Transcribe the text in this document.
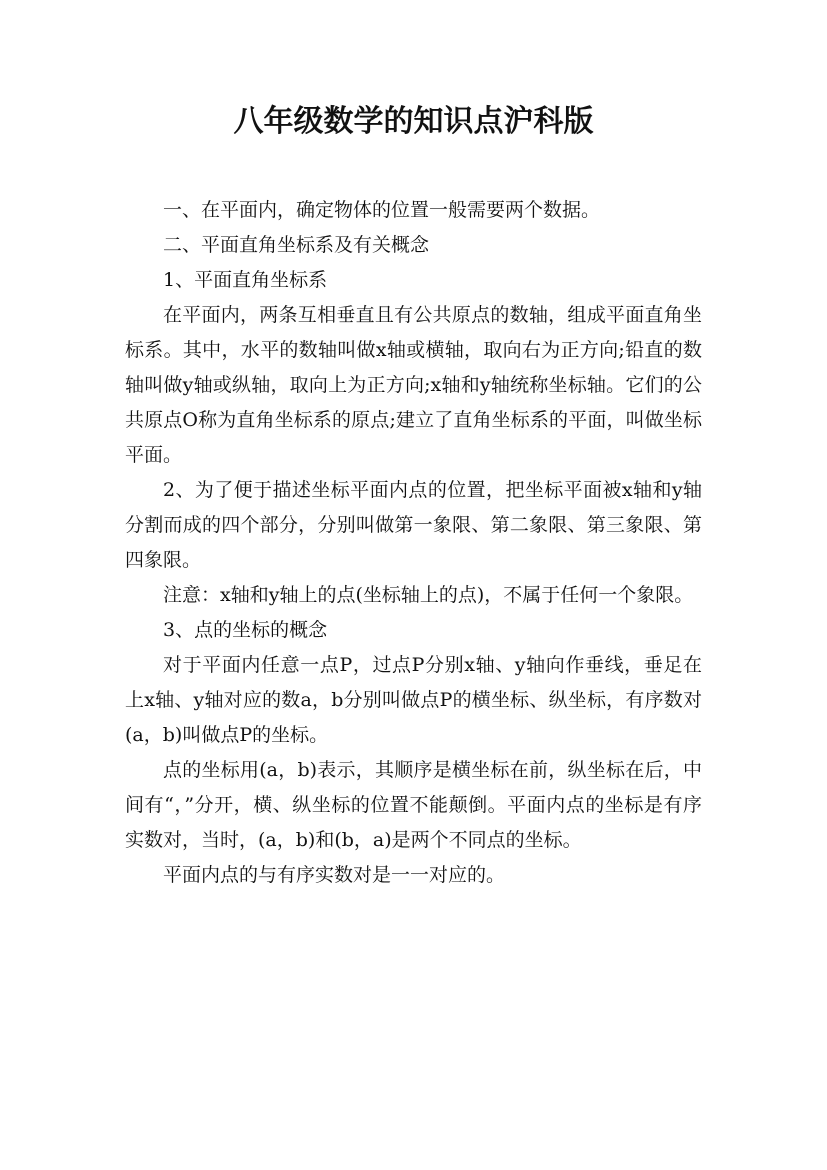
八年级数学的知识点沪科版

一、在平面内，确定物体的位置一般需要两个数据。

二、平面直角坐标系及有关概念

1、平面直角坐标系

在平面内，两条互相垂直且有公共原点的数轴，组成平面直角坐标系。其中，水平的数轴叫做x轴或横轴，取向右为正方向;铅直的数轴叫做y轴或纵轴，取向上为正方向;x轴和y轴统称坐标轴。它们的公共原点O称为直角坐标系的原点;建立了直角坐标系的平面，叫做坐标平面。

2、为了便于描述坐标平面内点的位置，把坐标平面被x轴和y轴分割而成的四个部分，分别叫做第一象限、第二象限、第三象限、第四象限。

注意：x轴和y轴上的点(坐标轴上的点)，不属于任何一个象限。

3、点的坐标的概念

对于平面内任意一点P，过点P分别x轴、y轴向作垂线，垂足在上x轴、y轴对应的数a，b分别叫做点P的横坐标、纵坐标，有序数对(a，b)叫做点P的坐标。

点的坐标用(a，b)表示，其顺序是横坐标在前，纵坐标在后，中间有“，”分开，横、纵坐标的位置不能颠倒。平面内点的坐标是有序实数对，当时，(a，b)和(b，a)是两个不同点的坐标。

平面内点的与有序实数对是一一对应的。
